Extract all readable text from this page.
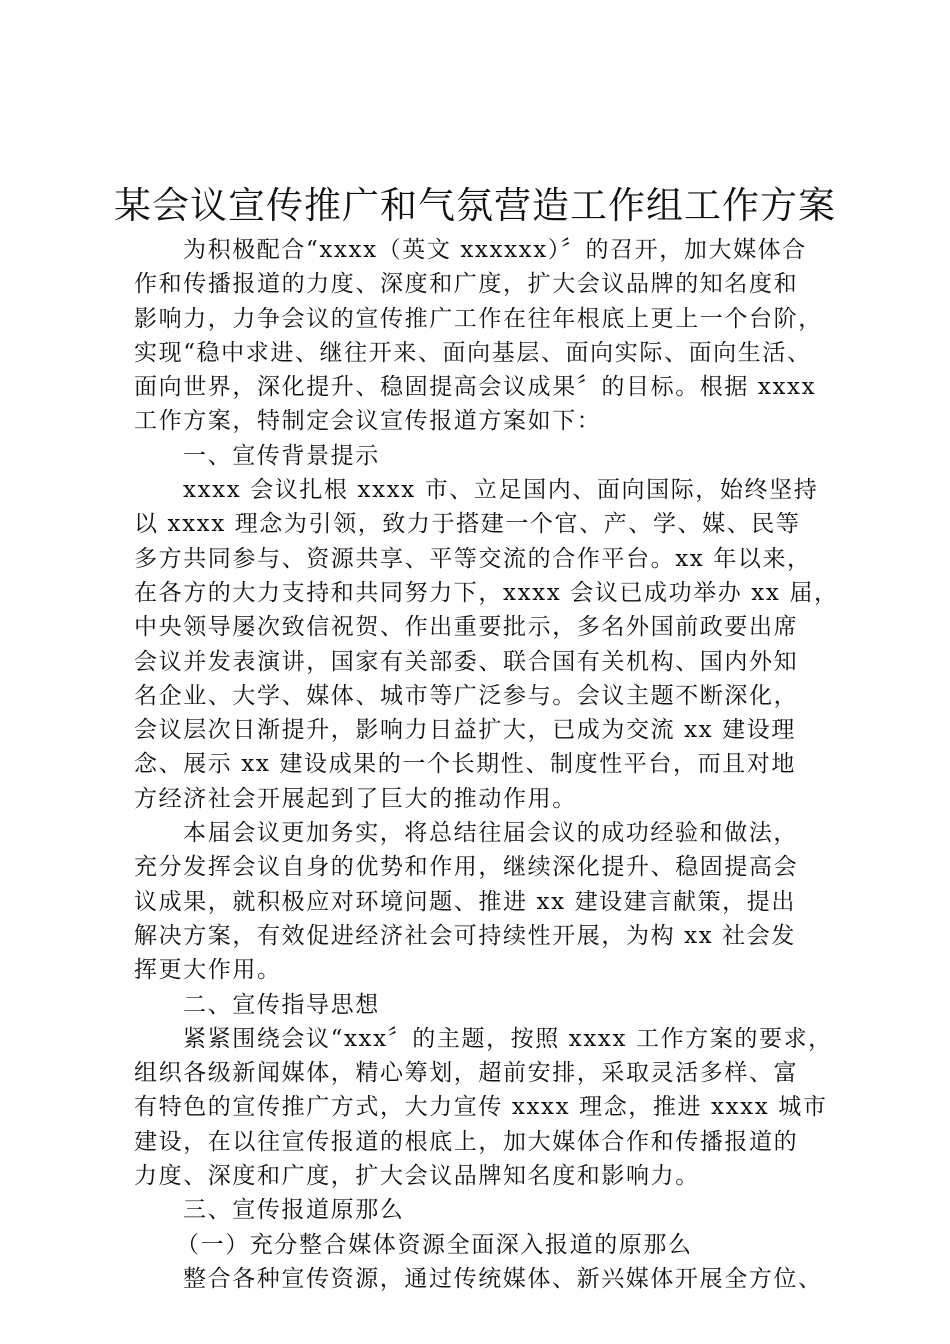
某会议宣传推广和气氛营造工作组工作方案
为积极配合“xxxx（英文 xxxxxx）〞的召开，加大媒体合
作和传播报道的力度、深度和广度，扩大会议品牌的知名度和
影响力，力争会议的宣传推广工作在往年根底上更上一个台阶，
实现“稳中求进、继往开来、面向基层、面向实际、面向生活、
面向世界，深化提升、稳固提高会议成果〞的目标。根据 xxxx
工作方案，特制定会议宣传报道方案如下：
一、宣传背景提示
xxxx 会议扎根 xxxx 市、立足国内、面向国际，始终坚持
以 xxxx 理念为引领，致力于搭建一个官、产、学、媒、民等
多方共同参与、资源共享、平等交流的合作平台。xx 年以来，
在各方的大力支持和共同努力下，xxxx 会议已成功举办 xx 届，
中央领导屡次致信祝贺、作出重要批示，多名外国前政要出席
会议并发表演讲，国家有关部委、联合国有关机构、国内外知
名企业、大学、媒体、城市等广泛参与。会议主题不断深化，
会议层次日渐提升，影响力日益扩大，已成为交流 xx 建设理
念、展示 xx 建设成果的一个长期性、制度性平台，而且对地
方经济社会开展起到了巨大的推动作用。
本届会议更加务实，将总结往届会议的成功经验和做法，
充分发挥会议自身的优势和作用，继续深化提升、稳固提高会
议成果，就积极应对环境问题、推进 xx 建设建言献策，提出
解决方案，有效促进经济社会可持续性开展，为构 xx 社会发
挥更大作用。
二、宣传指导思想
紧紧围绕会议“xxx〞的主题，按照 xxxx 工作方案的要求，
组织各级新闻媒体，精心筹划，超前安排，采取灵活多样、富
有特色的宣传推广方式，大力宣传 xxxx 理念，推进 xxxx 城市
建设，在以往宣传报道的根底上，加大媒体合作和传播报道的
力度、深度和广度，扩大会议品牌知名度和影响力。
三、宣传报道原那么
（一）充分整合媒体资源全面深入报道的原那么
整合各种宣传资源，通过传统媒体、新兴媒体开展全方位、
